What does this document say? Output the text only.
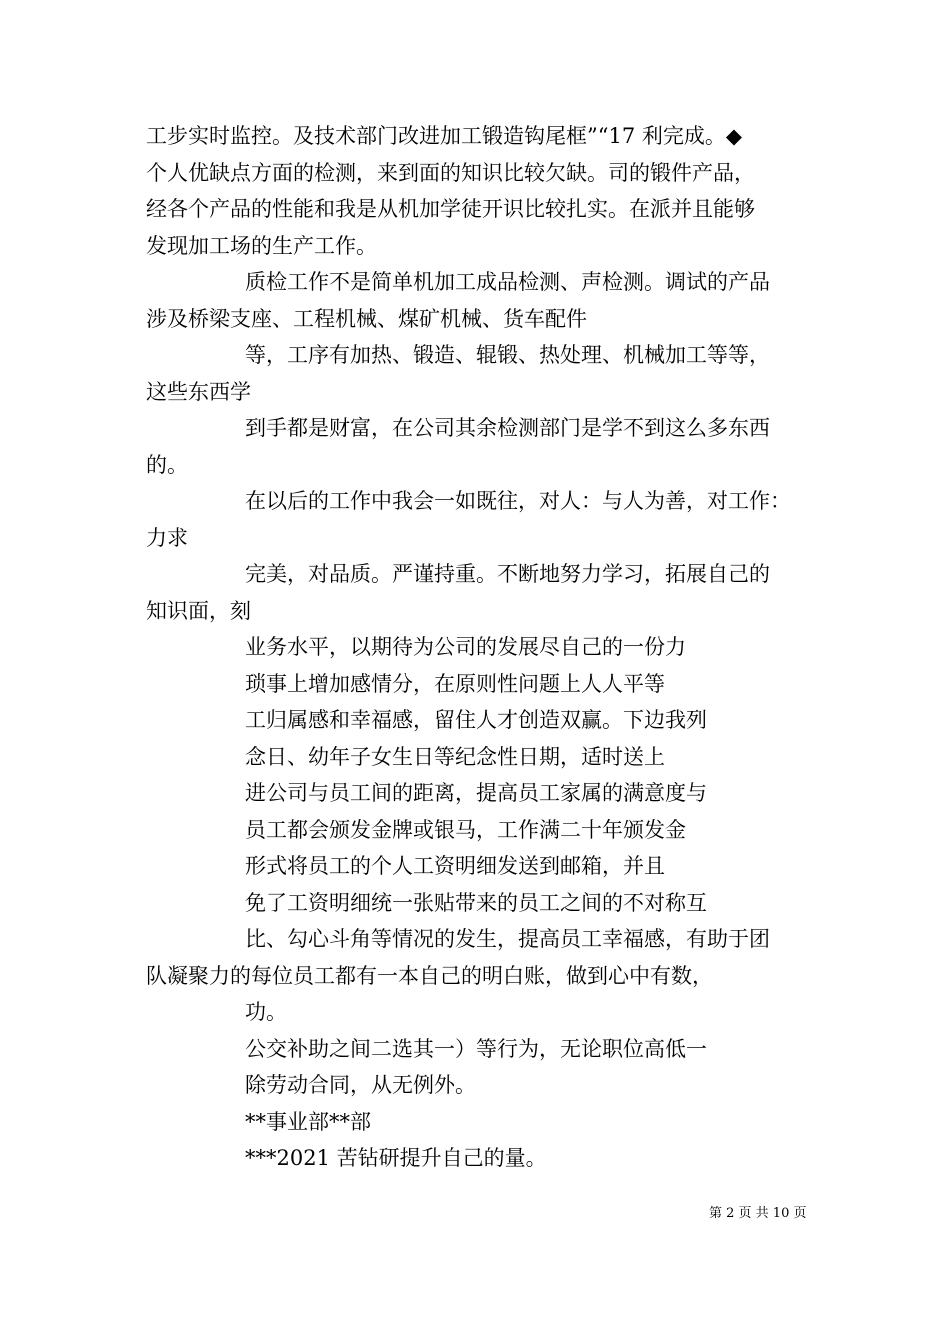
工步实时监控。及技术部门改进加工锻造钩尾框”“17 利完成。◆
个人优缺点方面的检测，来到面的知识比较欠缺。司的锻件产品，
经各个产品的性能和我是从机加学徒开识比较扎实。在派并且能够
发现加工场的生产工作。
质检工作不是简单机加工成品检测、声检测。调试的产品
涉及桥梁支座、工程机械、煤矿机械、货车配件
等，工序有加热、锻造、辊锻、热处理、机械加工等等，
这些东西学
到手都是财富，在公司其余检测部门是学不到这么多东西
的。
在以后的工作中我会一如既往，对人：与人为善，对工作：
力求
完美，对品质。严谨持重。不断地努力学习，拓展自己的
知识面，刻
业务水平，以期待为公司的发展尽自己的一份力
琐事上增加感情分，在原则性问题上人人平等
工归属感和幸福感，留住人才创造双赢。下边我列
念日、幼年子女生日等纪念性日期，适时送上
进公司与员工间的距离，提高员工家属的满意度与
员工都会颁发金牌或银马，工作满二十年颁发金
形式将员工的个人工资明细发送到邮箱，并且
免了工资明细统一张贴带来的员工之间的不对称互
比、勾心斗角等情况的发生，提高员工幸福感，有助于团
队凝聚力的每位员工都有一本自己的明白账，做到心中有数，
功。
公交补助之间二选其一）等行为，无论职位高低一
除劳动合同，从无例外。
**事业部**部
***2021 苦钻研提升自己的量。
第 2 页 共 10 页
